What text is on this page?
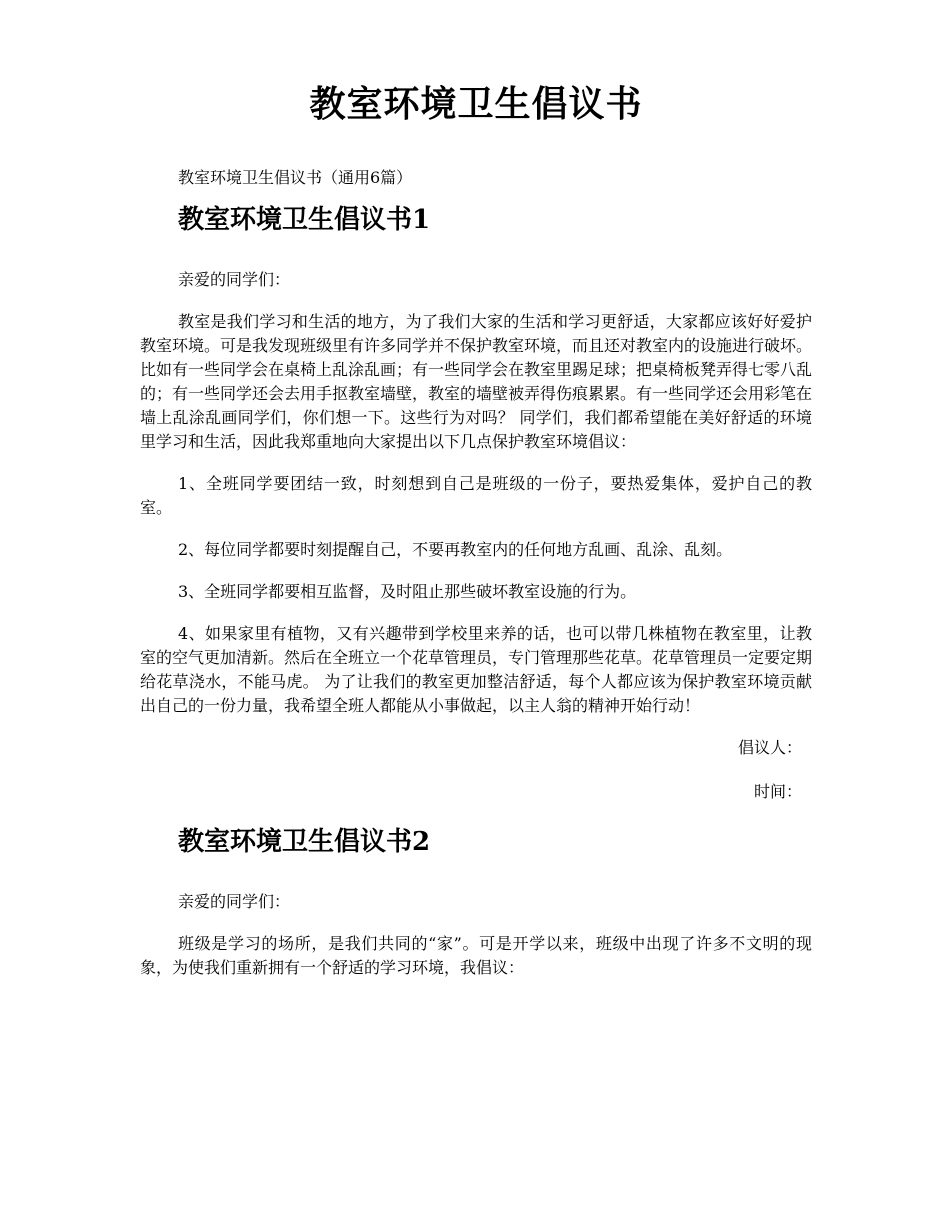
教室环境卫生倡议书

教室环境卫生倡议书（通用6篇）

教室环境卫生倡议书1

亲爱的同学们：

教室是我们学习和生活的地方，为了我们大家的生活和学习更舒适，大家都应该好好爱护教室环境。可是我发现班级里有许多同学并不保护教室环境，而且还对教室内的设施进行破坏。比如有一些同学会在桌椅上乱涂乱画；有一些同学会在教室里踢足球；把桌椅板凳弄得七零八乱的；有一些同学还会去用手抠教室墙壁，教室的墙壁被弄得伤痕累累。有一些同学还会用彩笔在墙上乱涂乱画同学们，你们想一下。这些行为对吗？ 同学们，我们都希望能在美好舒适的环境里学习和生活，因此我郑重地向大家提出以下几点保护教室环境倡议：

1、全班同学要团结一致，时刻想到自己是班级的一份子，要热爱集体，爱护自己的教室。

2、每位同学都要时刻提醒自己，不要再教室内的任何地方乱画、乱涂、乱刻。

3、全班同学都要相互监督，及时阻止那些破坏教室设施的行为。

4、如果家里有植物，又有兴趣带到学校里来养的话，也可以带几株植物在教室里，让教室的空气更加清新。然后在全班立一个花草管理员，专门管理那些花草。花草管理员一定要定期给花草浇水，不能马虎。 为了让我们的教室更加整洁舒适，每个人都应该为保护教室环境贡献出自己的一份力量，我希望全班人都能从小事做起，以主人翁的精神开始行动！

倡议人：

时间：

教室环境卫生倡议书2

亲爱的同学们：

班级是学习的场所，是我们共同的“家”。可是开学以来，班级中出现了许多不文明的现象，为使我们重新拥有一个舒适的学习环境，我倡议：
